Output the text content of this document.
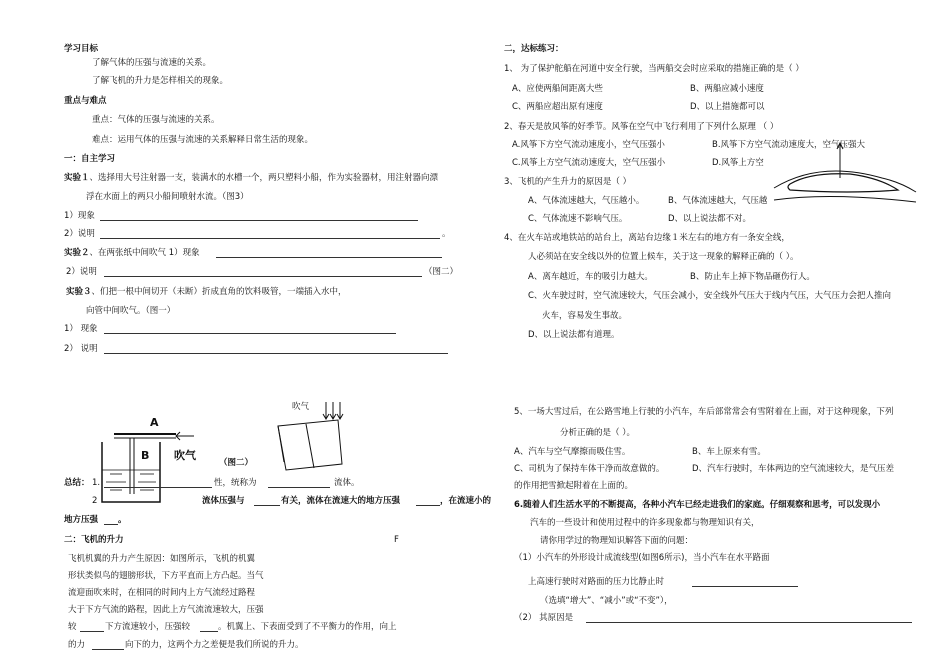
学习目标
了解气体的压强与流速的关系。
了解飞机的升力是怎样相关的现象。
重点与难点
重点：气体的压强与流速的关系。
难点：运用气体的压强与流速的关系解释日常生活的现象。
一：自主学习
实验１、选择用大号注射器一支，装满水的水槽一个，两只塑料小船，作为实验器材，用注射器向漂
浮在水面上的两只小船间喷射水流。（图3）
1）现象
2）说明	。
实验２、在两张纸中间吹气 1）现象
2）说明	（图二）
实验３、们把一根中间切开（未断）折成直角的饮料吸管，一端插入水中，
向管中间吹气。（图一）
1） 现象
2） 说明
A
B 吹气
（图二）
吹气
总结： 1.	性，统称为	流体。
2	流体压强与	有关，流体在流速大的地方压强	，在流速小的
地方压强 。
二：飞机的升力	F
飞机机翼的升力产生原因：如图所示，飞机的机翼
形状类似鸟的翅膀形状，下方平直而上方凸起。当气
流迎面吹来时，在相同的时间内上方气流经过路程
大于下方气流的路程，因此上方气流流速较大，压强
较	下方流速较小，压强较	。机翼上、下表面受到了不平衡力的作用，向上
的力	向下的力，这两个力之差便是我们所说的升力。
二，达标练习：
1、 为了保护舵船在河道中安全行驶，当两船交会时应采取的措施正确的是（ ）
A、应使两船间距离大些	B、两船应减小速度
C、两船应超出原有速度	D、以上措施都可以
2、春天是放风筝的好季节。风筝在空气中飞行利用了下列什么原理 （ ）
A.风筝下方空气流动速度小，空气压强小	B.风筝下方空气流动速度大，空气压强大
C.风筝上方空气流动速度大，空气压强小	D.风筝上方空
3、飞机的产生升力的原因是（ ）
A、气体流速越大，气压越小。	B、气体流速越大，气压越
C、气体流速不影响气压。	D、以上说法都不对。
4、在火车站或地铁站的站台上，离站台边缘１米左右的地方有一条安全线，
人必须站在安全线以外的位置上候车，关于这一现象的解释正确的（ ）。
A、离车越近，车的吸引力越大。	B、防止车上掉下物品砸伤行人。
C、火车驶过时，空气流速较大，气压会减小，安全线外气压大于线内气压，大气压力会把人推向
火车，容易发生事故。
D、以上说法都有道理。
5、一场大雪过后，在公路雪地上行驶的小汽车，车后部常常会有雪附着在上面，对于这种现象，下列
分析正确的是（ ）。
A、汽车与空气摩擦而吸住雪。	B、车上原来有雪。
C、司机为了保持车体干净而故意做的。	D、汽车行驶时，车体两边的空气流速较大，是气压差
的作用把雪掀起附着在上面的。
6.随着人们生活水平的不断提高，各种小汽车已经走进我们的家庭。仔细观察和思考，可以发现小
汽车的一些设计和使用过程中的许多现象都与物理知识有关，
请你用学过的物理知识解答下面的问题：
（1）小汽车的外形设计成流线型(如图6所示)，当小汽车在水平路面
上高速行驶时对路面的压力比静止时
（选填“增大”、“减小”或“不变”），
（2） 其原因是
